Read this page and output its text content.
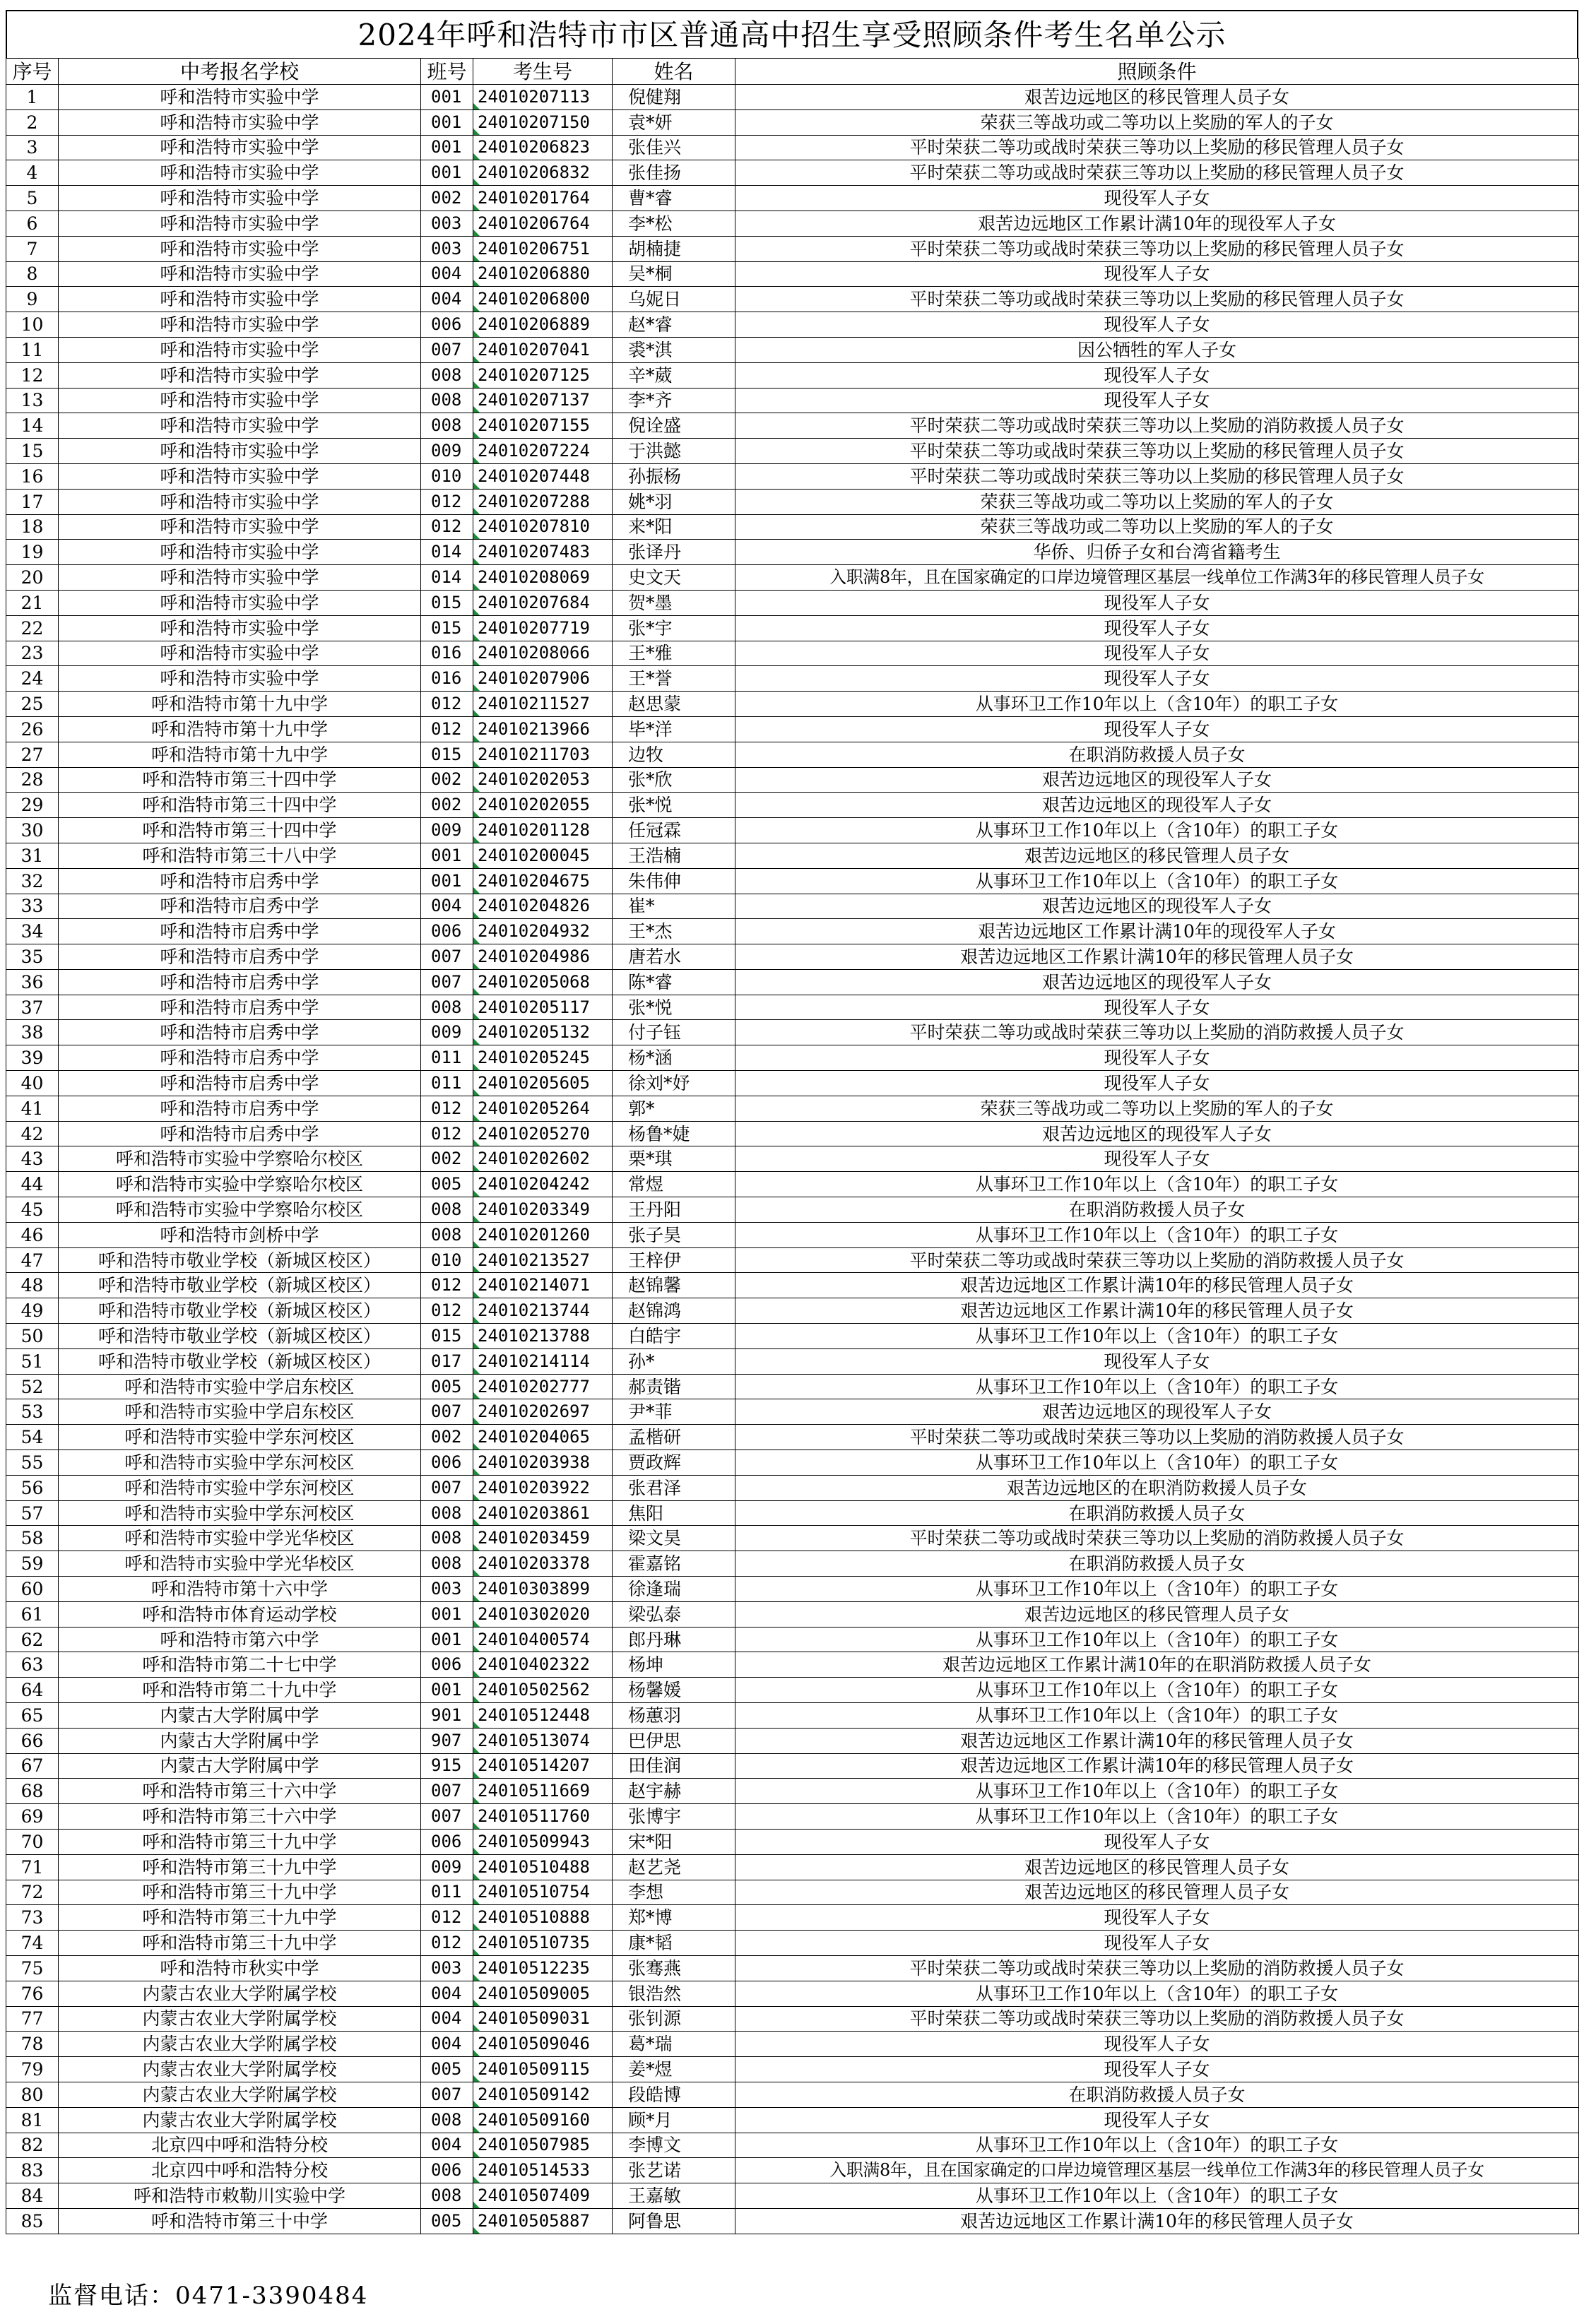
2024年呼和浩特市市区普通高中招生享受照顾条件考生名单公示
序号	中考报名学校	班号	考生号	姓名	照顾条件
1	呼和浩特市实验中学	001	24010207113	倪健翔	艰苦边远地区的移民管理人员子女
2	呼和浩特市实验中学	001	24010207150	袁*妍	荣获三等战功或二等功以上奖励的军人的子女
3	呼和浩特市实验中学	001	24010206823	张佳兴	平时荣获二等功或战时荣获三等功以上奖励的移民管理人员子女
4	呼和浩特市实验中学	001	24010206832	张佳扬	平时荣获二等功或战时荣获三等功以上奖励的移民管理人员子女
5	呼和浩特市实验中学	002	24010201764	曹*睿	现役军人子女
6	呼和浩特市实验中学	003	24010206764	李*松	艰苦边远地区工作累计满10年的现役军人子女
7	呼和浩特市实验中学	003	24010206751	胡楠捷	平时荣获二等功或战时荣获三等功以上奖励的移民管理人员子女
8	呼和浩特市实验中学	004	24010206880	吴*桐	现役军人子女
9	呼和浩特市实验中学	004	24010206800	乌妮日	平时荣获二等功或战时荣获三等功以上奖励的移民管理人员子女
10	呼和浩特市实验中学	006	24010206889	赵*睿	现役军人子女
11	呼和浩特市实验中学	007	24010207041	裘*淇	因公牺牲的军人子女
12	呼和浩特市实验中学	008	24010207125	辛*葳	现役军人子女
13	呼和浩特市实验中学	008	24010207137	李*齐	现役军人子女
14	呼和浩特市实验中学	008	24010207155	倪诠盛	平时荣获二等功或战时荣获三等功以上奖励的消防救援人员子女
15	呼和浩特市实验中学	009	24010207224	于洪懿	平时荣获二等功或战时荣获三等功以上奖励的移民管理人员子女
16	呼和浩特市实验中学	010	24010207448	孙振杨	平时荣获二等功或战时荣获三等功以上奖励的移民管理人员子女
17	呼和浩特市实验中学	012	24010207288	姚*羽	荣获三等战功或二等功以上奖励的军人的子女
18	呼和浩特市实验中学	012	24010207810	来*阳	荣获三等战功或二等功以上奖励的军人的子女
19	呼和浩特市实验中学	014	24010207483	张译丹	华侨、归侨子女和台湾省籍考生
20	呼和浩特市实验中学	014	24010208069	史文天	入职满8年，且在国家确定的口岸边境管理区基层一线单位工作满3年的移民管理人员子女
21	呼和浩特市实验中学	015	24010207684	贺*墨	现役军人子女
22	呼和浩特市实验中学	015	24010207719	张*宇	现役军人子女
23	呼和浩特市实验中学	016	24010208066	王*雅	现役军人子女
24	呼和浩特市实验中学	016	24010207906	王*誉	现役军人子女
25	呼和浩特市第十九中学	012	24010211527	赵思蒙	从事环卫工作10年以上（含10年）的职工子女
26	呼和浩特市第十九中学	012	24010213966	毕*洋	现役军人子女
27	呼和浩特市第十九中学	015	24010211703	边牧	在职消防救援人员子女
28	呼和浩特市第三十四中学	002	24010202053	张*欣	艰苦边远地区的现役军人子女
29	呼和浩特市第三十四中学	002	24010202055	张*悦	艰苦边远地区的现役军人子女
30	呼和浩特市第三十四中学	009	24010201128	任冠霖	从事环卫工作10年以上（含10年）的职工子女
31	呼和浩特市第三十八中学	001	24010200045	王浩楠	艰苦边远地区的移民管理人员子女
32	呼和浩特市启秀中学	001	24010204675	朱伟伸	从事环卫工作10年以上（含10年）的职工子女
33	呼和浩特市启秀中学	004	24010204826	崔*	艰苦边远地区的现役军人子女
34	呼和浩特市启秀中学	006	24010204932	王*杰	艰苦边远地区工作累计满10年的现役军人子女
35	呼和浩特市启秀中学	007	24010204986	唐若水	艰苦边远地区工作累计满10年的移民管理人员子女
36	呼和浩特市启秀中学	007	24010205068	陈*睿	艰苦边远地区的现役军人子女
37	呼和浩特市启秀中学	008	24010205117	张*悦	现役军人子女
38	呼和浩特市启秀中学	009	24010205132	付子钰	平时荣获二等功或战时荣获三等功以上奖励的消防救援人员子女
39	呼和浩特市启秀中学	011	24010205245	杨*涵	现役军人子女
40	呼和浩特市启秀中学	011	24010205605	徐刘*妤	现役军人子女
41	呼和浩特市启秀中学	012	24010205264	郭*	荣获三等战功或二等功以上奖励的军人的子女
42	呼和浩特市启秀中学	012	24010205270	杨鲁*婕	艰苦边远地区的现役军人子女
43	呼和浩特市实验中学察哈尔校区	002	24010202602	栗*琪	现役军人子女
44	呼和浩特市实验中学察哈尔校区	005	24010204242	常煜	从事环卫工作10年以上（含10年）的职工子女
45	呼和浩特市实验中学察哈尔校区	008	24010203349	王丹阳	在职消防救援人员子女
46	呼和浩特市剑桥中学	008	24010201260	张子昊	从事环卫工作10年以上（含10年）的职工子女
47	呼和浩特市敬业学校（新城区校区）	010	24010213527	王梓伊	平时荣获二等功或战时荣获三等功以上奖励的消防救援人员子女
48	呼和浩特市敬业学校（新城区校区）	012	24010214071	赵锦馨	艰苦边远地区工作累计满10年的移民管理人员子女
49	呼和浩特市敬业学校（新城区校区）	012	24010213744	赵锦鸿	艰苦边远地区工作累计满10年的移民管理人员子女
50	呼和浩特市敬业学校（新城区校区）	015	24010213788	白皓宇	从事环卫工作10年以上（含10年）的职工子女
51	呼和浩特市敬业学校（新城区校区）	017	24010214114	孙*	现役军人子女
52	呼和浩特市实验中学启东校区	005	24010202777	郝责锴	从事环卫工作10年以上（含10年）的职工子女
53	呼和浩特市实验中学启东校区	007	24010202697	尹*菲	艰苦边远地区的现役军人子女
54	呼和浩特市实验中学东河校区	002	24010204065	孟楷研	平时荣获二等功或战时荣获三等功以上奖励的消防救援人员子女
55	呼和浩特市实验中学东河校区	006	24010203938	贾政辉	从事环卫工作10年以上（含10年）的职工子女
56	呼和浩特市实验中学东河校区	007	24010203922	张君泽	艰苦边远地区的在职消防救援人员子女
57	呼和浩特市实验中学东河校区	008	24010203861	焦阳	在职消防救援人员子女
58	呼和浩特市实验中学光华校区	008	24010203459	梁文昊	平时荣获二等功或战时荣获三等功以上奖励的消防救援人员子女
59	呼和浩特市实验中学光华校区	008	24010203378	霍嘉铭	在职消防救援人员子女
60	呼和浩特市第十六中学	003	24010303899	徐逢瑞	从事环卫工作10年以上（含10年）的职工子女
61	呼和浩特市体育运动学校	001	24010302020	梁弘泰	艰苦边远地区的移民管理人员子女
62	呼和浩特市第六中学	001	24010400574	郎丹琳	从事环卫工作10年以上（含10年）的职工子女
63	呼和浩特市第二十七中学	006	24010402322	杨坤	艰苦边远地区工作累计满10年的在职消防救援人员子女
64	呼和浩特市第二十九中学	001	24010502562	杨馨媛	从事环卫工作10年以上（含10年）的职工子女
65	内蒙古大学附属中学	901	24010512448	杨蕙羽	从事环卫工作10年以上（含10年）的职工子女
66	内蒙古大学附属中学	907	24010513074	巴伊思	艰苦边远地区工作累计满10年的移民管理人员子女
67	内蒙古大学附属中学	915	24010514207	田佳润	艰苦边远地区工作累计满10年的移民管理人员子女
68	呼和浩特市第三十六中学	007	24010511669	赵宇赫	从事环卫工作10年以上（含10年）的职工子女
69	呼和浩特市第三十六中学	007	24010511760	张博宇	从事环卫工作10年以上（含10年）的职工子女
70	呼和浩特市第三十九中学	006	24010509943	宋*阳	现役军人子女
71	呼和浩特市第三十九中学	009	24010510488	赵艺尧	艰苦边远地区的移民管理人员子女
72	呼和浩特市第三十九中学	011	24010510754	李想	艰苦边远地区的移民管理人员子女
73	呼和浩特市第三十九中学	012	24010510888	郑*博	现役军人子女
74	呼和浩特市第三十九中学	012	24010510735	康*韬	现役军人子女
75	呼和浩特市秋实中学	003	24010512235	张骞燕	平时荣获二等功或战时荣获三等功以上奖励的消防救援人员子女
76	内蒙古农业大学附属学校	004	24010509005	银浩然	从事环卫工作10年以上（含10年）的职工子女
77	内蒙古农业大学附属学校	004	24010509031	张钊源	平时荣获二等功或战时荣获三等功以上奖励的消防救援人员子女
78	内蒙古农业大学附属学校	004	24010509046	葛*瑞	现役军人子女
79	内蒙古农业大学附属学校	005	24010509115	姜*煜	现役军人子女
80	内蒙古农业大学附属学校	007	24010509142	段皓博	在职消防救援人员子女
81	内蒙古农业大学附属学校	008	24010509160	顾*月	现役军人子女
82	北京四中呼和浩特分校	004	24010507985	李博文	从事环卫工作10年以上（含10年）的职工子女
83	北京四中呼和浩特分校	006	24010514533	张艺诺	入职满8年，且在国家确定的口岸边境管理区基层一线单位工作满3年的移民管理人员子女
84	呼和浩特市敕勒川实验中学	008	24010507409	王嘉敏	从事环卫工作10年以上（含10年）的职工子女
85	呼和浩特市第三十中学	005	24010505887	阿鲁思	艰苦边远地区工作累计满10年的移民管理人员子女
监督电话：0471-3390484
